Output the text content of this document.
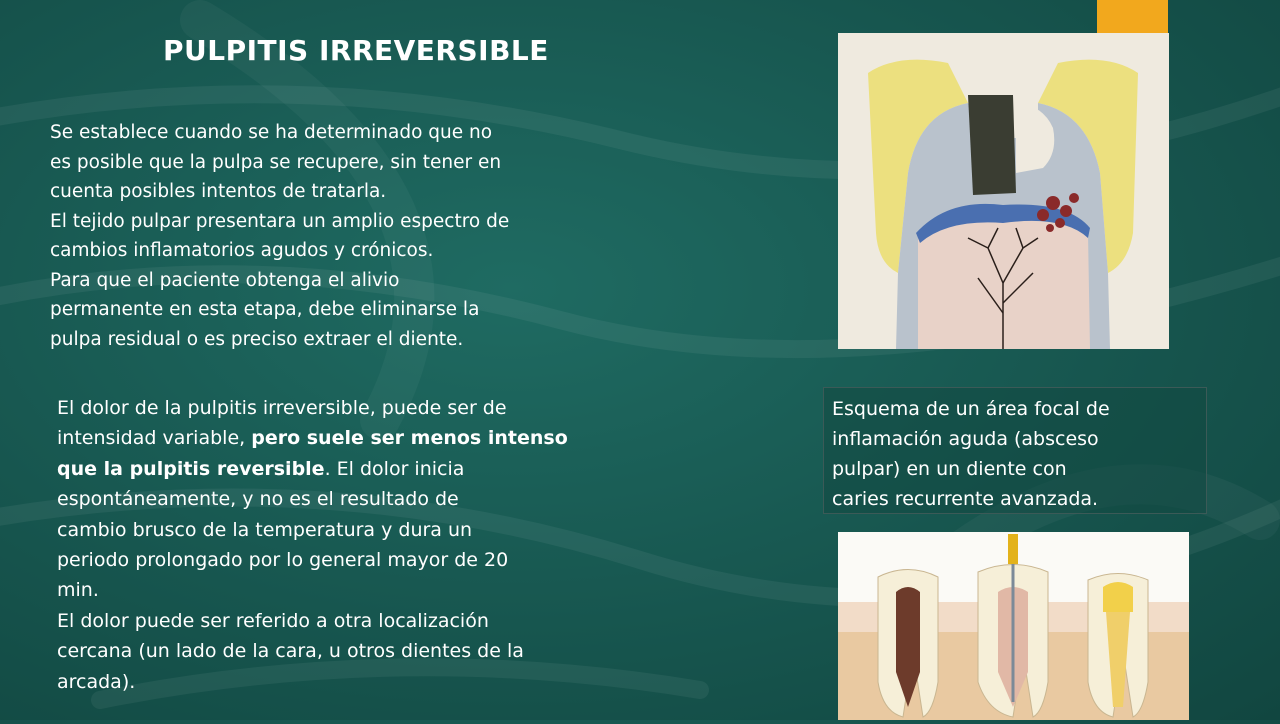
PULPITIS IRREVERSIBLE

Se establece cuando se ha determinado que no

es posible que la pulpa se recupere, sin tener en

cuenta posibles intentos de tratarla.

El tejido pulpar presentara un amplio espectro de

cambios inflamatorios agudos y crónicos.

Para que el paciente obtenga el alivio

permanente en esta etapa, debe eliminarse la

pulpa residual o es preciso extraer el diente.

El dolor de la pulpitis irreversible, puede ser de

intensidad variable, pero suele ser menos intenso

que la pulpitis reversible. El dolor inicia

espontáneamente, y no es el resultado de

cambio brusco de la temperatura y dura un

periodo prolongado por lo general mayor de 20

min.

El dolor puede ser referido a otra localización

cercana (un lado de la cara, u otros dientes de la

arcada).

Esquema de un área focal de
inflamación aguda (absceso
pulpar) en un diente con
caries recurrente avanzada.
